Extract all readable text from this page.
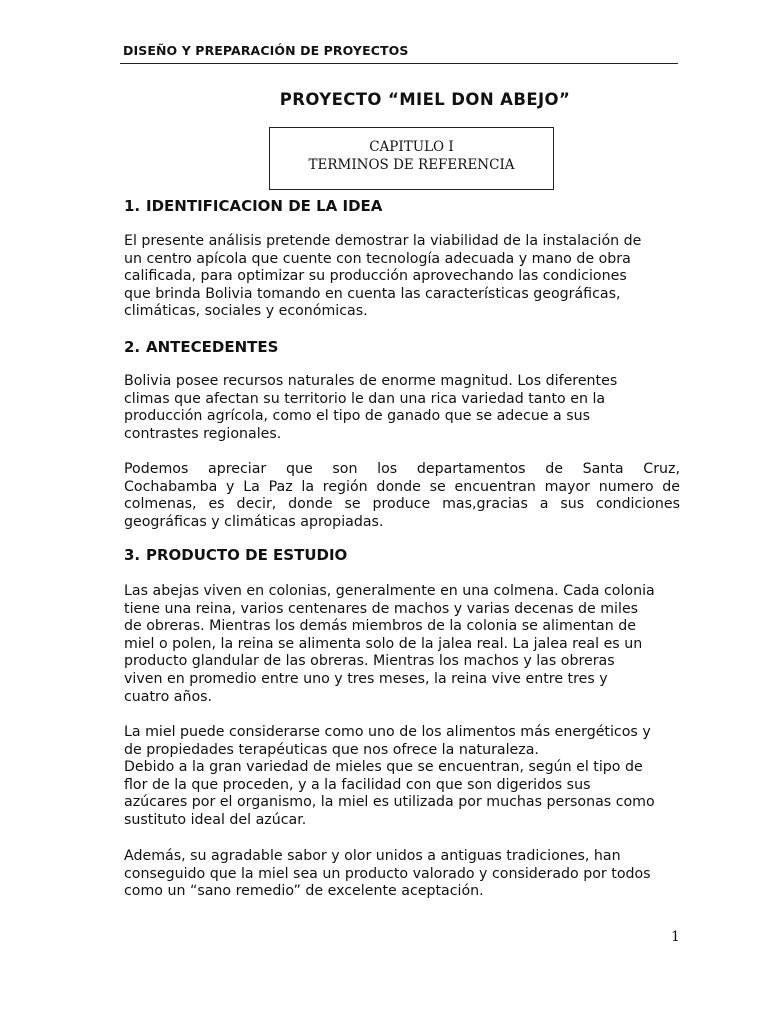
DISEÑO Y PREPARACIÓN DE PROYECTOS
PROYECTO “MIEL DON ABEJO”
CAPITULO I
TERMINOS DE REFERENCIA
1. IDENTIFICACION DE LA IDEA
El presente análisis pretende demostrar la viabilidad de la instalación de
un centro apícola que cuente con tecnología adecuada y mano de obra
calificada, para optimizar su producción aprovechando las condiciones
que brinda Bolivia tomando en cuenta las características geográficas,
climáticas, sociales y económicas.
2. ANTECEDENTES
Bolivia posee recursos naturales de enorme magnitud. Los diferentes
climas que afectan su territorio le dan una rica variedad tanto en la
producción agrícola, como el tipo de ganado que se adecue a sus
contrastes regionales.
Podemos apreciar que son los departamentos de Santa Cruz,
Cochabamba y La Paz la región donde se encuentran mayor numero de
colmenas, es decir, donde se produce mas,gracias a sus condiciones
geográficas y climáticas apropiadas.
3. PRODUCTO DE ESTUDIO
Las abejas viven en colonias, generalmente en una colmena. Cada colonia
tiene una reina, varios centenares de machos y varias decenas de miles
de obreras. Mientras los demás miembros de la colonia se alimentan de
miel o polen, la reina se alimenta solo de la jalea real. La jalea real es un
producto glandular de las obreras. Mientras los machos y las obreras
viven en promedio entre uno y tres meses, la reina vive entre tres y
cuatro años.
La miel puede considerarse como uno de los alimentos más energéticos y
de propiedades terapéuticas que nos ofrece la naturaleza.
Debido a la gran variedad de mieles que se encuentran, según el tipo de
flor de la que proceden, y a la facilidad con que son digeridos sus
azúcares por el organismo, la miel es utilizada por muchas personas como
sustituto ideal del azúcar.
Además, su agradable sabor y olor unidos a antiguas tradiciones, han
conseguido que la miel sea un producto valorado y considerado por todos
como un “sano remedio” de excelente aceptación.
1
